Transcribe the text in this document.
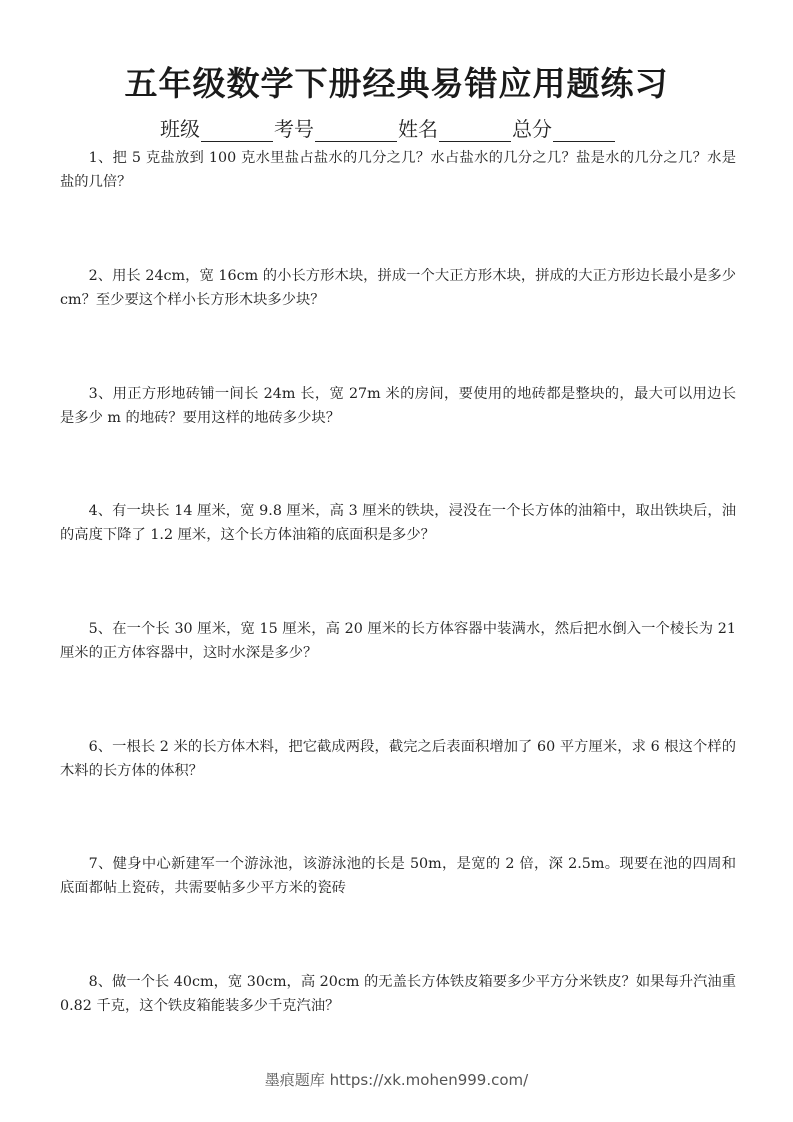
五年级数学下册经典易错应用题练习
班级	考号	姓名	总分
1、把 5 克盐放到 100 克水里盐占盐水的几分之几？水占盐水的几分之几？盐是水的几分之几？水是盐的几倍？
2、用长 24cm，宽 16cm 的小长方形木块，拼成一个大正方形木块，拼成的大正方形边长最小是多少 cm？至少要这个样小长方形木块多少块？
3、用正方形地砖铺一间长 24m 长，宽 27m 米的房间，要使用的地砖都是整块的，最大可以用边长是多少 m 的地砖？要用这样的地砖多少块？
4、有一块长 14 厘米，宽 9.8 厘米，高 3 厘米的铁块，浸没在一个长方体的油箱中，取出铁块后，油的高度下降了 1.2 厘米，这个长方体油箱的底面积是多少？
5、在一个长 30 厘米，宽 15 厘米，高 20 厘米的长方体容器中装满水，然后把水倒入一个棱长为 21 厘米的正方体容器中，这时水深是多少？
6、一根长 2 米的长方体木料，把它截成两段，截完之后表面积增加了 60 平方厘米，求 6 根这个样的木料的长方体的体积？
7、健身中心新建军一个游泳池，该游泳池的长是 50m，是宽的 2 倍，深 2.5m。现要在池的四周和底面都帖上瓷砖，共需要帖多少平方米的瓷砖
8、做一个长 40cm，宽 30cm，高 20cm 的无盖长方体铁皮箱要多少平方分米铁皮？如果每升汽油重 0.82 千克，这个铁皮箱能装多少千克汽油？
墨痕题库 https://xk.mohen999.com/
